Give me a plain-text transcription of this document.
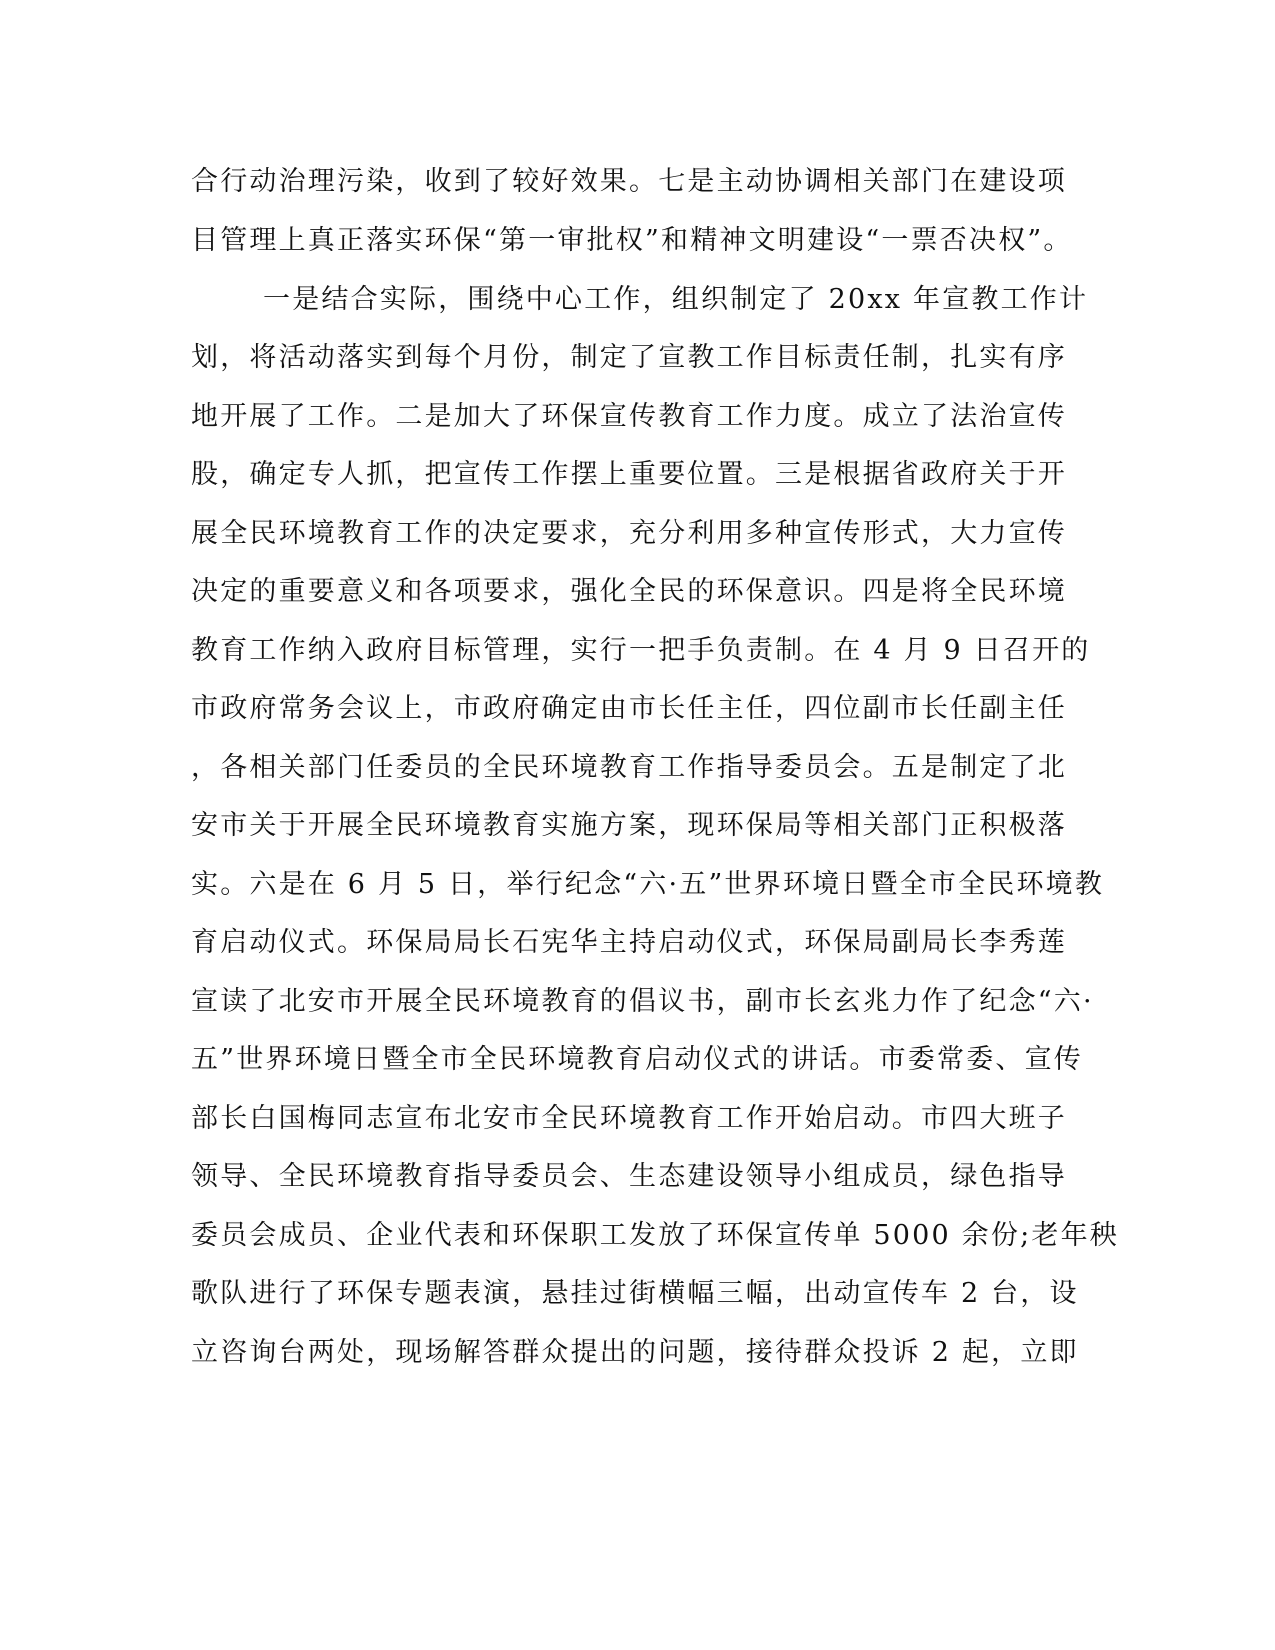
合行动治理污染，收到了较好效果。七是主动协调相关部门在建设项
目管理上真正落实环保“第一审批权”和精神文明建设“一票否决权”。
一是结合实际，围绕中心工作，组织制定了 20xx 年宣教工作计
划，将活动落实到每个月份，制定了宣教工作目标责任制，扎实有序
地开展了工作。二是加大了环保宣传教育工作力度。成立了法治宣传
股，确定专人抓，把宣传工作摆上重要位置。三是根据省政府关于开
展全民环境教育工作的决定要求，充分利用多种宣传形式，大力宣传
决定的重要意义和各项要求，强化全民的环保意识。四是将全民环境
教育工作纳入政府目标管理，实行一把手负责制。在 4 月 9 日召开的
市政府常务会议上，市政府确定由市长任主任，四位副市长任副主任
，各相关部门任委员的全民环境教育工作指导委员会。五是制定了北
安市关于开展全民环境教育实施方案，现环保局等相关部门正积极落
实。六是在 6 月 5 日，举行纪念“六·五”世界环境日暨全市全民环境教
育启动仪式。环保局局长石宪华主持启动仪式，环保局副局长李秀莲
宣读了北安市开展全民环境教育的倡议书，副市长玄兆力作了纪念“六·
五”世界环境日暨全市全民环境教育启动仪式的讲话。市委常委、宣传
部长白国梅同志宣布北安市全民环境教育工作开始启动。市四大班子
领导、全民环境教育指导委员会、生态建设领导小组成员，绿色指导
委员会成员、企业代表和环保职工发放了环保宣传单 5000 余份;老年秧
歌队进行了环保专题表演，悬挂过街横幅三幅，出动宣传车 2 台，设
立咨询台两处，现场解答群众提出的问题，接待群众投诉 2 起，立即
